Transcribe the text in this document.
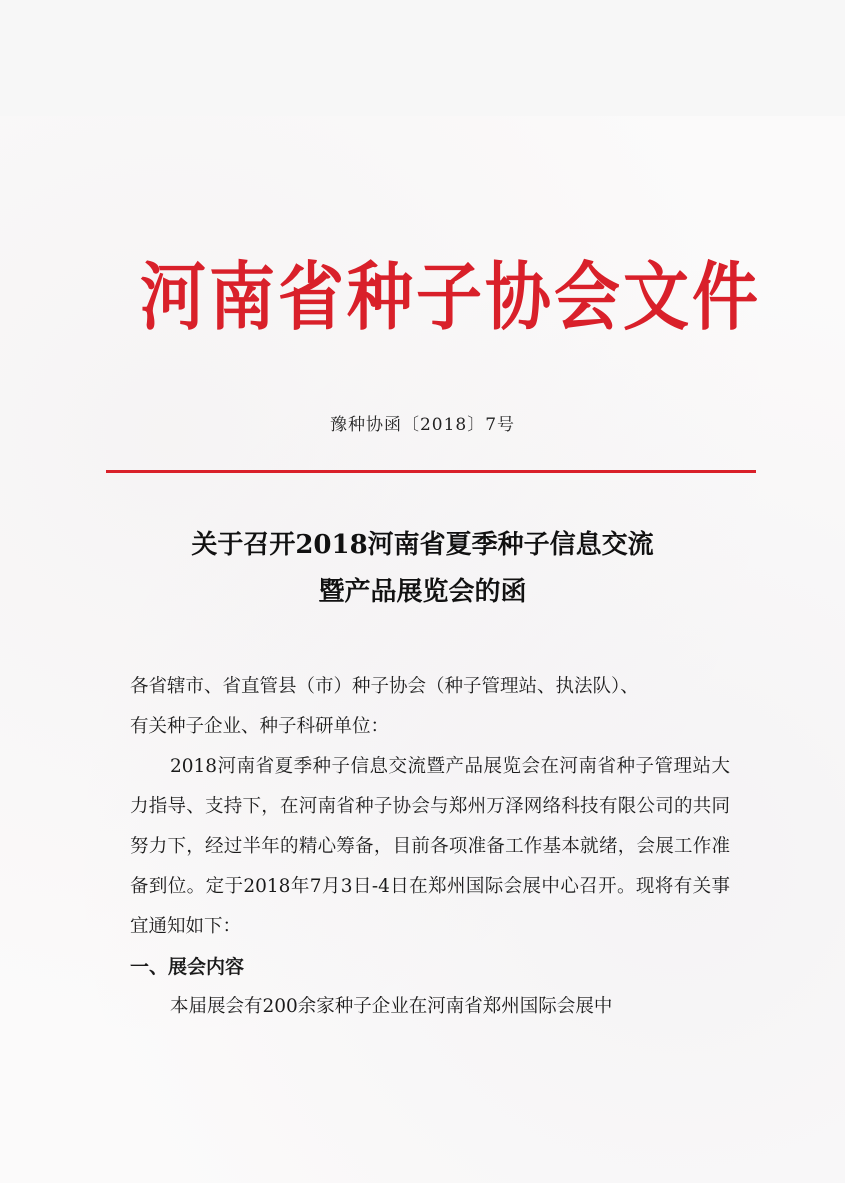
河南省种子协会文件
豫种协函〔2018〕7号
关于召开2018河南省夏季种子信息交流
暨产品展览会的函

各省辖市、省直管县（市）种子协会（种子管理站、执法队）、

有关种子企业、种子科研单位：

2018河南省夏季种子信息交流暨产品展览会在河南省种子管理站大力指导、支持下，在河南省种子协会与郑州万泽网络科技有限公司的共同努力下，经过半年的精心筹备，目前各项准备工作基本就绪，会展工作准备到位。定于2018年7月3日-4日在郑州国际会展中心召开。现将有关事宜通知如下：

一、展会内容

本届展会有200余家种子企业在河南省郑州国际会展中
